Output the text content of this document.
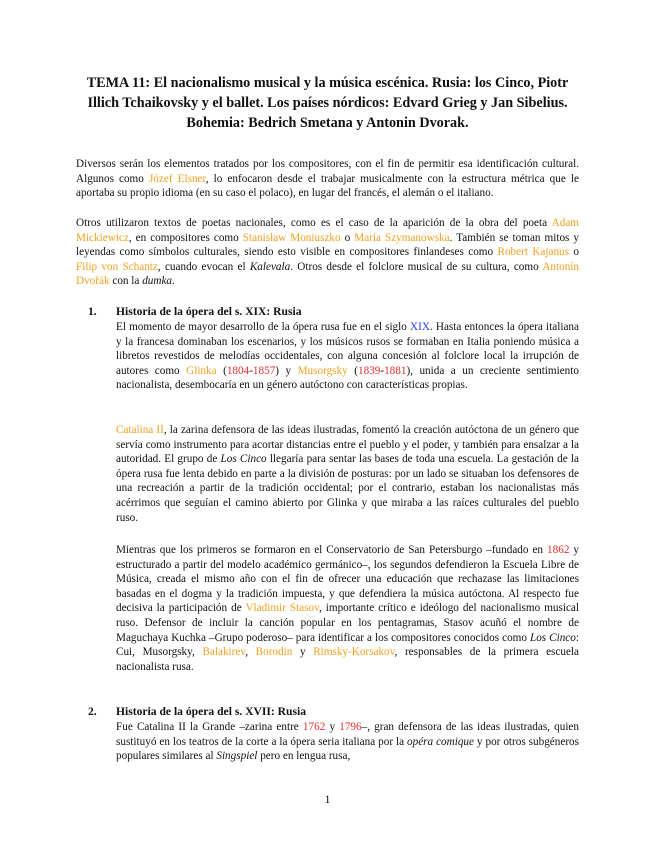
TEMA 11: El nacionalismo musical y la música escénica. Rusia: los Cinco, Piotr Illich Tchaikovsky y el ballet. Los países nórdicos: Edvard Grieg y Jan Sibelius. Bohemia: Bedrich Smetana y Antonin Dvorak.

Diversos serán los elementos tratados por los compositores, con el fin de permitir esa identificación cultural. Algunos como Józef Elsner, lo enfocaron desde el trabajar musicalmente con la estructura métrica que le aportaba su propio idioma (en su caso el polaco), en lugar del francés, el alemán o el italiano.

Otros utilizaron textos de poetas nacionales, como es el caso de la aparición de la obra del poeta Adam Mickiewicz, en compositores como Stanisław Moniuszko o Maria Szymanowska. También se toman mitos y leyendas como símbolos culturales, siendo esto visible en compositores finlandeses como Robert Kajanus o Filip von Schantz, cuando evocan el Kalevala. Otros desde el folclore musical de su cultura, como Antonín Dvořák con la dumka.

1. Historia de la ópera del s. XIX: Rusia

El momento de mayor desarrollo de la ópera rusa fue en el siglo XIX. Hasta entonces la ópera italiana y la francesa dominaban los escenarios, y los músicos rusos se formaban en Italia poniendo música a libretos revestidos de melodías occidentales, con alguna concesión al folclore local la irrupción de autores como Glinka (1804-1857) y Musorgsky (1839-1881), unida a un creciente sentimiento nacionalista, desembocaría en un género autóctono con características propias.

Catalina II, la zarina defensora de las ideas ilustradas, fomentó la creación autóctona de un género que servía como instrumento para acortar distancias entre el pueblo y el poder, y también para ensalzar a la autoridad. El grupo de Los Cinco llegaría para sentar las bases de toda una escuela. La gestación de la ópera rusa fue lenta debido en parte a la división de posturas: por un lado se situaban los defensores de una recreación a partir de la tradición occidental; por el contrario, estaban los nacionalistas más acérrimos que seguían el camino abierto por Glinka y que miraba a las raíces culturales del pueblo ruso.

Mientras que los primeros se formaron en el Conservatorio de San Petersburgo –fundado en 1862 y estructurado a partir del modelo académico germánico–, los segundos defendieron la Escuela Libre de Música, creada el mismo año con el fin de ofrecer una educación que rechazase las limitaciones basadas en el dogma y la tradición impuesta, y que defendiera la música autóctona. Al respecto fue decisiva la participación de Vladimir Stasov, importante crítico e ideólogo del nacionalismo musical ruso. Defensor de incluir la canción popular en los pentagramas, Stasov acuñó el nombre de Maguchaya Kuchka –Grupo poderoso– para identificar a los compositores conocidos como Los Cinco: Cui, Musorgsky, Balakirev, Borodin y Rimsky-Korsakov, responsables de la primera escuela nacionalista rusa.

2. Historia de la ópera del s. XVII: Rusia

Fue Catalina II la Grande –zarina entre 1762 y 1796–, gran defensora de las ideas ilustradas, quien sustituyó en los teatros de la corte a la ópera seria italiana por la opéra comique y por otros subgéneros populares similares al Singspiel pero en lengua rusa,

1
